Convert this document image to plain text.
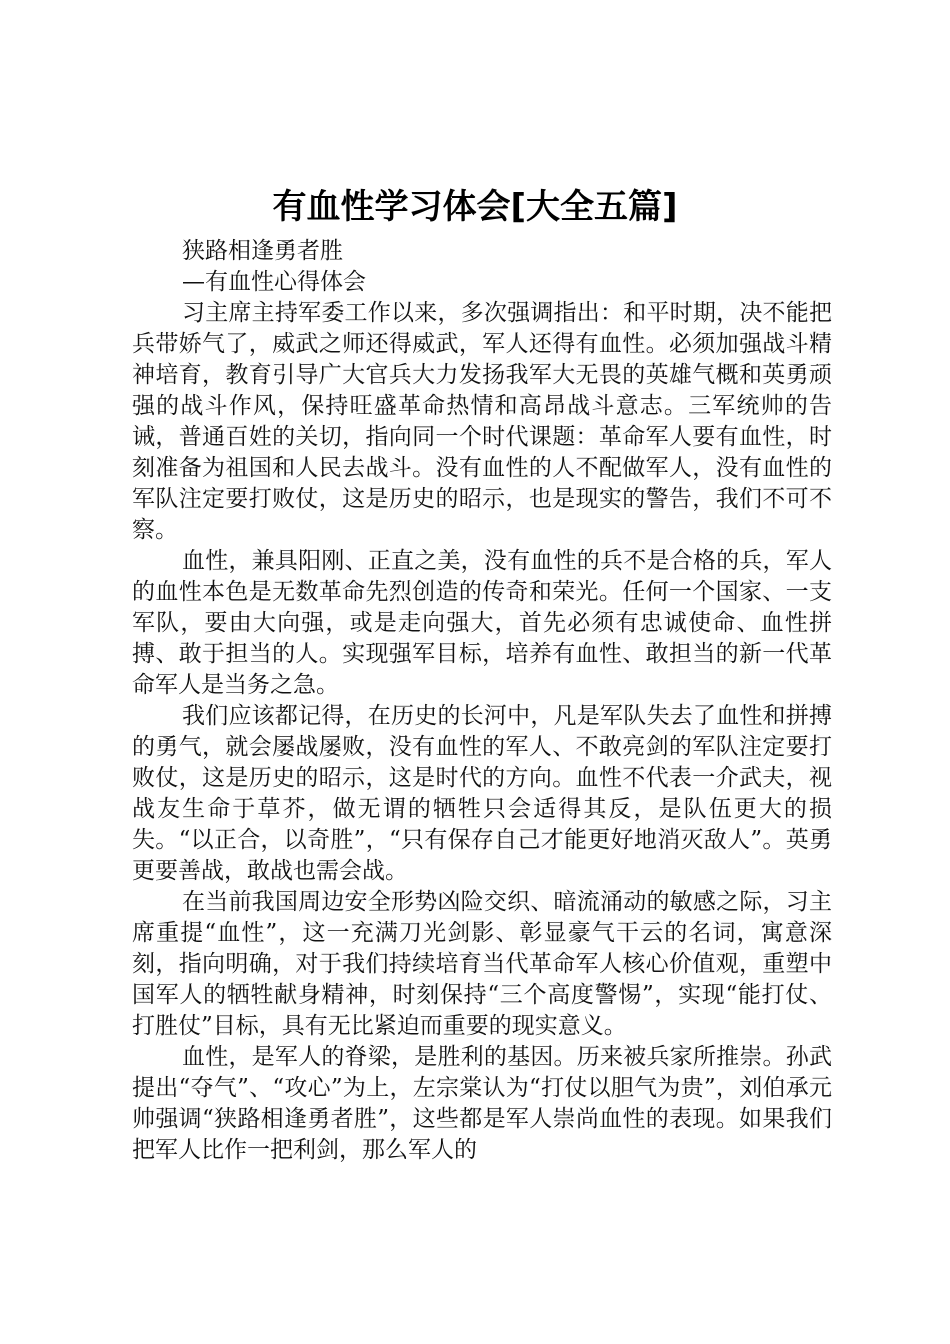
有血性学习体会[大全五篇]

狭路相逢勇者胜

—有血性心得体会

习主席主持军委工作以来，多次强调指出：和平时期，决不能把兵带娇气了，威武之师还得威武，军人还得有血性。必须加强战斗精神培育，教育引导广大官兵大力发扬我军大无畏的英雄气概和英勇顽强的战斗作风，保持旺盛革命热情和高昂战斗意志。三军统帅的告诫，普通百姓的关切，指向同一个时代课题：革命军人要有血性，时刻准备为祖国和人民去战斗。没有血性的人不配做军人，没有血性的军队注定要打败仗，这是历史的昭示，也是现实的警告，我们不可不察。

血性，兼具阳刚、正直之美，没有血性的兵不是合格的兵，军人的血性本色是无数革命先烈创造的传奇和荣光。任何一个国家、一支军队，要由大向强，或是走向强大，首先必须有忠诚使命、血性拼搏、敢于担当的人。实现强军目标，培养有血性、敢担当的新一代革命军人是当务之急。

我们应该都记得，在历史的长河中，凡是军队失去了血性和拼搏的勇气，就会屡战屡败，没有血性的军人、不敢亮剑的军队注定要打败仗，这是历史的昭示，这是时代的方向。血性不代表一介武夫，视战友生命于草芥，做无谓的牺牲只会适得其反，是队伍更大的损失。“以正合，以奇胜”，“只有保存自己才能更好地消灭敌人”。英勇更要善战，敢战也需会战。

在当前我国周边安全形势凶险交织、暗流涌动的敏感之际，习主席重提“血性”，这一充满刀光剑影、彰显豪气干云的名词，寓意深刻，指向明确，对于我们持续培育当代革命军人核心价值观，重塑中国军人的牺牲献身精神，时刻保持“三个高度警惕”，实现“能打仗、打胜仗”目标，具有无比紧迫而重要的现实意义。

血性，是军人的脊梁，是胜利的基因。历来被兵家所推崇。孙武提出“夺气”、“攻心”为上，左宗棠认为“打仗以胆气为贵”，刘伯承元帅强调“狭路相逢勇者胜”，这些都是军人崇尚血性的表现。如果我们把军人比作一把利剑，那么军人的
